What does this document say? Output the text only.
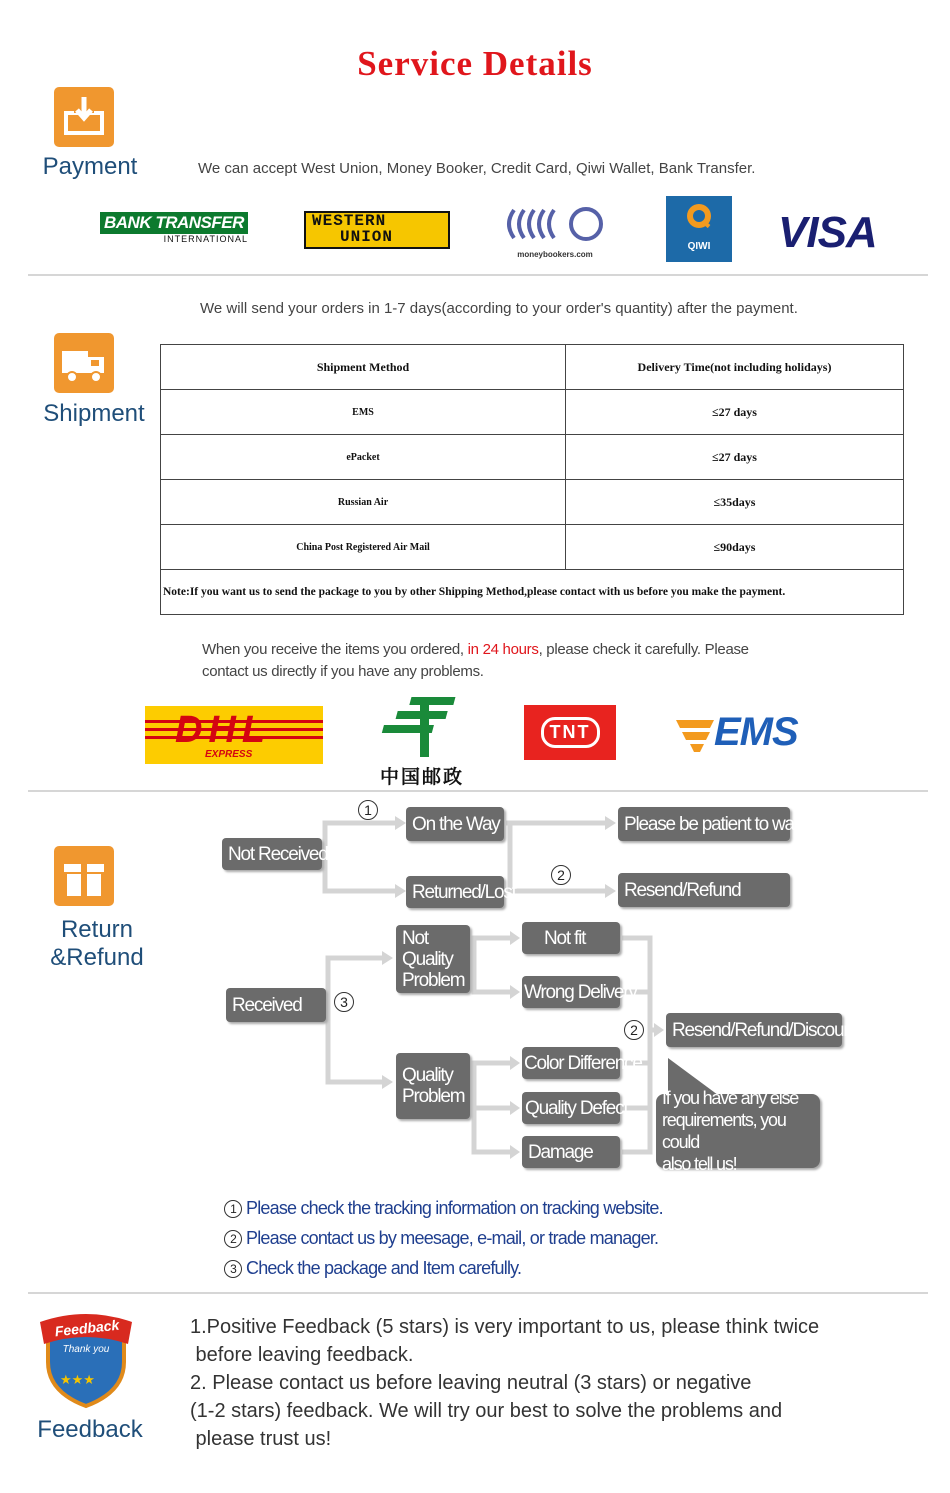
Service Details
Payment	We can accept West Union, Money Booker, Credit Card, Qiwi Wallet, Bank Transfer.
BANK TRANSFER
INTERNATIONAL
WESTERN
UNION
moneybookers.com
QIWI	VISA
We will send your orders in 1-7 days(according to your order's quantity) after the payment.
Shipment
Shipment Method	Delivery Time(not including holidays)
EMS	≤27 days
ePacket	≤27 days
Russian Air	≤35days
China Post Registered Air Mail	≤90days
Note:If you want us to send the package to you by other Shipping Method,please contact with us before you make the payment.	
When you receive the items you ordered, in 24 hours, please check it carefully. Please
contact us directly if you have any problems.
DHL
EXPRESS
中国邮政
TNT	EMS
Return &Refund
Not Received
On the Way
Returned/Lost
Please be patient to wait
Resend/Refund
Received
Not
Quality
Problem
Quality
Problem
Not fit
Wrong Delivery
Color Difference
Quality Defect
Damage
Resend/Refund/Discount
If you have any else
requirements, you could
also tell us!
1
2
3
2
1 Please check the tracking information on tracking website.
2 Please contact us by meesage, e-mail, or trade manager.
3 Check the package and Item carefully.
★★★
Feedback
Thank you
Feedback
1.Positive Feedback (5 stars) is very important to us, please think twice
before leaving feedback.
2. Please contact us before leaving neutral (3 stars) or negative
(1-2 stars) feedback. We will try our best to solve the problems and
please trust us!
